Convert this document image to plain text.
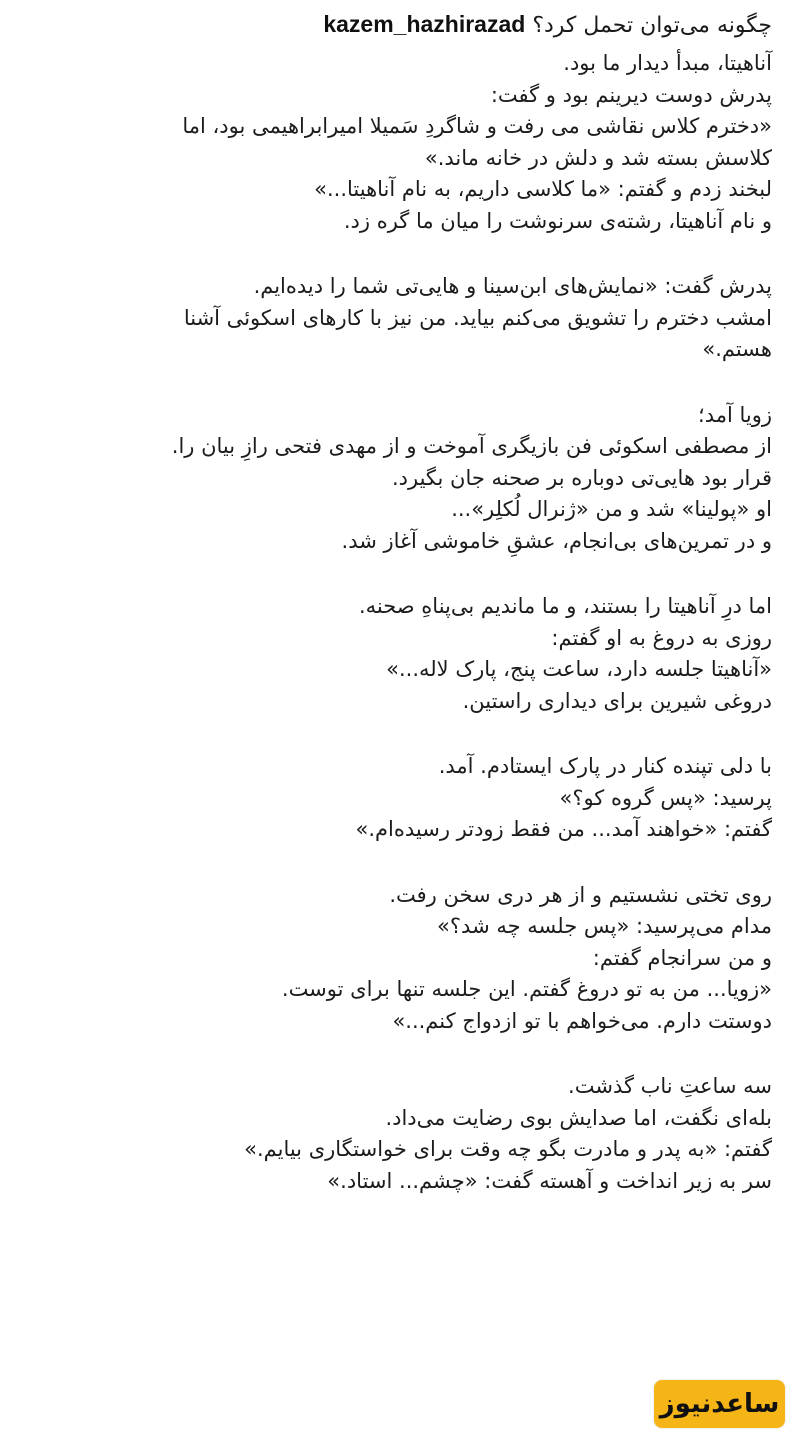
چگونه می‌توان تحمل کرد؟ kazem_hazhirazad
آناهیتا، مبدأ دیدار ما بود.
پدرش دوست دیرینم بود و گفت:
«دخترم کلاس نقاشی می رفت و شاگردِ سَمیلا امیرابراهیمی بود، اما
کلاسش بسته شد و دلش در خانه ماند.»
لبخند زدم و گفتم: «ما کلاسی داریم، به نام آناهیتا...»
و نام آناهیتا، رشته‌ی سرنوشت را میان ما گره زد.
پدرش گفت: «نمایش‌های ابن‌سینا و هایی‌تی شما را دیده‌ایم.
امشب دخترم را تشویق می‌کنم بیاید. من نیز با کارهای اسکوئی آشنا
هستم.»
زویا آمد؛
از مصطفی اسکوئی فن بازیگری آموخت و از مهدی فتحی رازِ بیان را.
قرار بود هایی‌تی دوباره بر صحنه جان بگیرد.
او «پولینا» شد و من «ژنرال لُکلِر»...
و در تمرین‌های بی‌انجام، عشقِ خاموشی آغاز شد.
اما درِ آناهیتا را بستند، و ما ماندیم بی‌پناهِ صحنه.
روزی به دروغ به او گفتم:
«آناهیتا جلسه دارد، ساعت پنج، پارک لاله...»
دروغی شیرین برای دیداری راستین.
با دلی تپنده کنار در پارک ایستادم. آمد.
پرسید: «پس گروه کو؟»
گفتم: «خواهند آمد... من فقط زودتر رسیده‌ام.»
روی تختی نشستیم و از هر دری سخن رفت.
مدام می‌پرسید: «پس جلسه چه شد؟»
و من سرانجام گفتم:
«زویا... من به تو دروغ گفتم. این جلسه تنها برای توست.
دوستت دارم. می‌خواهم با تو ازدواج کنم...»
سه ساعتِ ناب گذشت.
بله‌ای نگفت، اما صدایش بوی رضایت می‌داد.
گفتم: «به پدر و مادرت بگو چه وقت برای خواستگاری بیایم.»
سر به زیر انداخت و آهسته گفت: «چشم... استاد.»
ساعدنیوز
